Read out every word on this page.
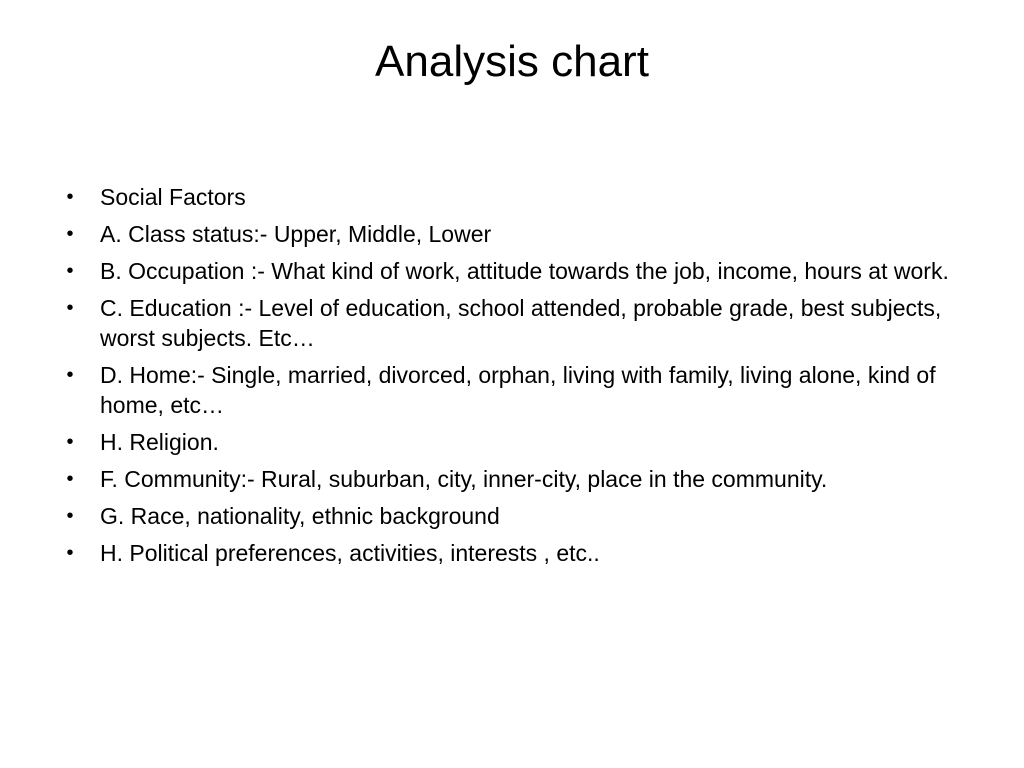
Analysis chart
• Social Factors
• A. Class status:- Upper, Middle, Lower
• B. Occupation :- What kind of work, attitude towards the job, income, hours at work.
• C. Education :- Level of education, school attended, probable grade, best subjects, worst subjects. Etc…
• D. Home:- Single, married, divorced, orphan, living with family, living alone, kind of home, etc…
• H. Religion.
• F. Community:- Rural, suburban, city, inner-city, place in the community.
• G. Race, nationality, ethnic background
• H. Political preferences, activities, interests , etc..
